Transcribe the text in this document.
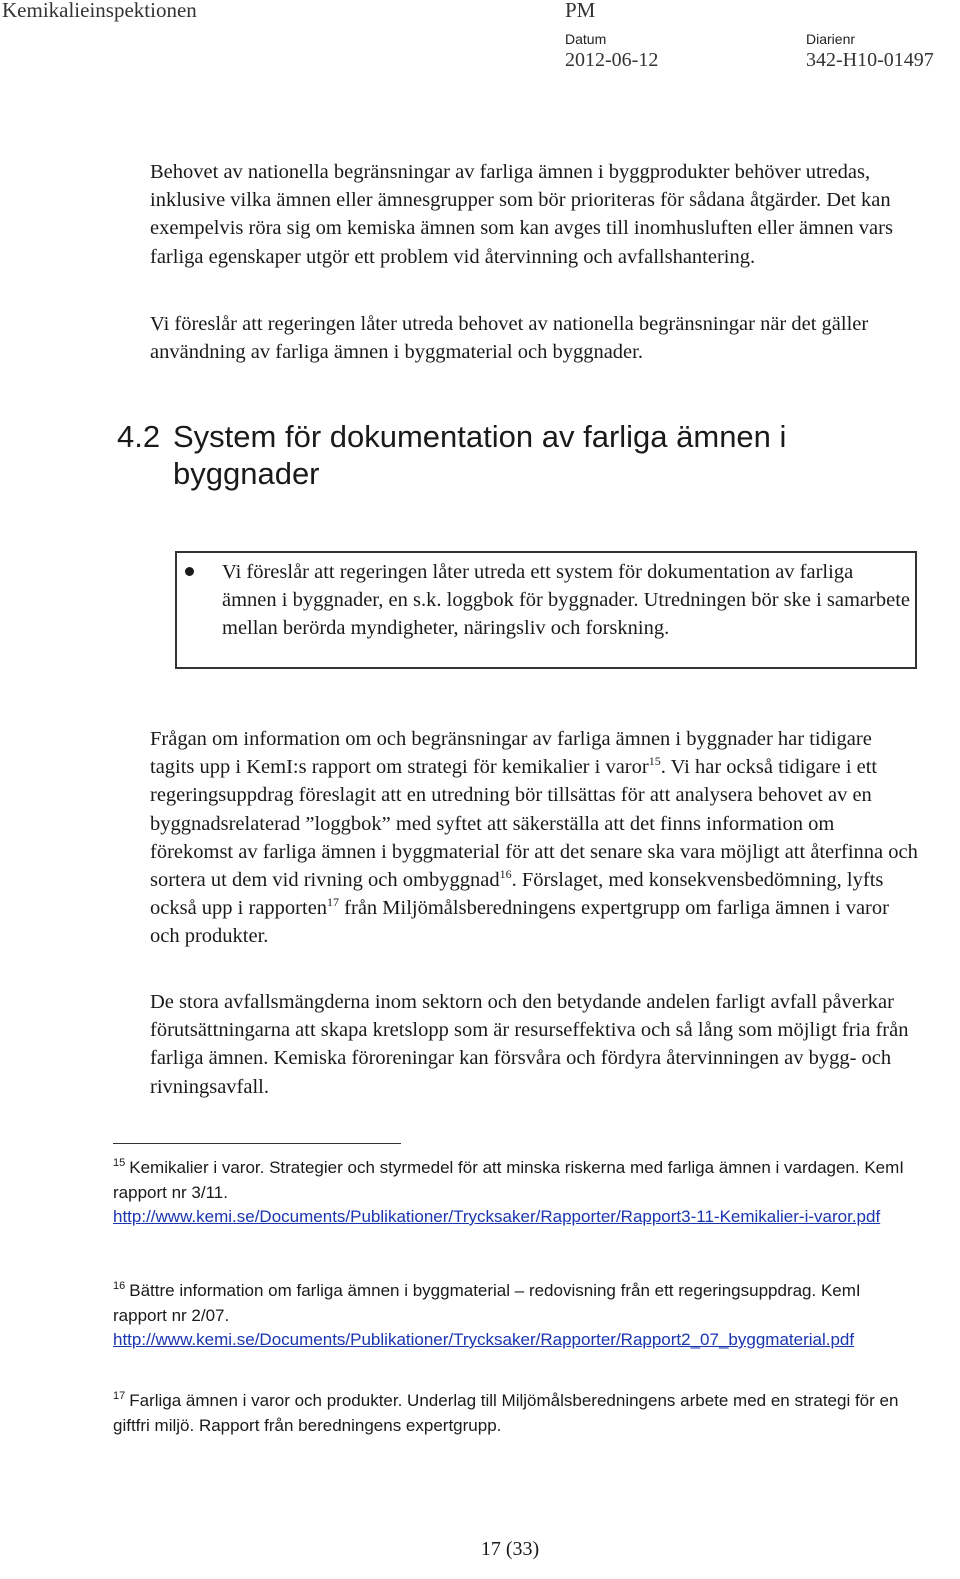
Kemikalieinspektionen	PM
Datum
2012-06-12
Diarienr
342-H10-01497

Behovet av nationella begränsningar av farliga ämnen i byggprodukter behöver utredas, inklusive vilka ämnen eller ämnesgrupper som bör prioriteras för sådana åtgärder. Det kan exempelvis röra sig om kemiska ämnen som kan avges till inomhusluften eller ämnen vars farliga egenskaper utgör ett problem vid återvinning och avfallshantering.

Vi föreslår att regeringen låter utreda behovet av nationella begränsningar när det gäller användning av farliga ämnen i byggmaterial och byggnader.

4.2 System för dokumentation av farliga ämnen i
byggnader

Vi föreslår att regeringen låter utreda ett system för dokumentation av farliga ämnen i byggnader, en s.k. loggbok för byggnader. Utredningen bör ske i samarbete mellan berörda myndigheter, näringsliv och forskning.

Frågan om information om och begränsningar av farliga ämnen i byggnader har tidigare tagits upp i KemI:s rapport om strategi för kemikalier i varor$^{15}$. Vi har också tidigare i ett regeringsuppdrag föreslagit att en utredning bör tillsättas för att analysera behovet av en byggnadsrelaterad ”loggbok” med syftet att säkerställa att det finns information om förekomst av farliga ämnen i byggmaterial för att det senare ska vara möjligt att återfinna och sortera ut dem vid rivning och ombyggnad$^{16}$. Förslaget, med konsekvensbedömning, lyfts också upp i rapporten$^{17}$ från Miljömålsberedningens expertgrupp om farliga ämnen i varor och produkter.

De stora avfallsmängderna inom sektorn och den betydande andelen farligt avfall påverkar förutsättningarna att skapa kretslopp som är resurseffektiva och så lång som möjligt fria från farliga ämnen. Kemiska föroreningar kan försvåra och fördyra återvinningen av bygg- och rivningsavfall.

$^{15}$ Kemikalier i varor. Strategier och styrmedel för att minska riskerna med farliga ämnen i vardagen. KemI rapport nr 3/11.
http://www.kemi.se/Documents/Publikationer/Trycksaker/Rapporter/Rapport3-11-Kemikalier-i-varor.pdf

$^{16}$ Bättre information om farliga ämnen i byggmaterial – redovisning från ett regeringsuppdrag. KemI rapport nr 2/07.
http://www.kemi.se/Documents/Publikationer/Trycksaker/Rapporter/Rapport2_07_byggmaterial.pdf

$^{17}$ Farliga ämnen i varor och produkter. Underlag till Miljömålsberedningens arbete med en strategi för en giftfri miljö. Rapport från beredningens expertgrupp.

17 (33)
